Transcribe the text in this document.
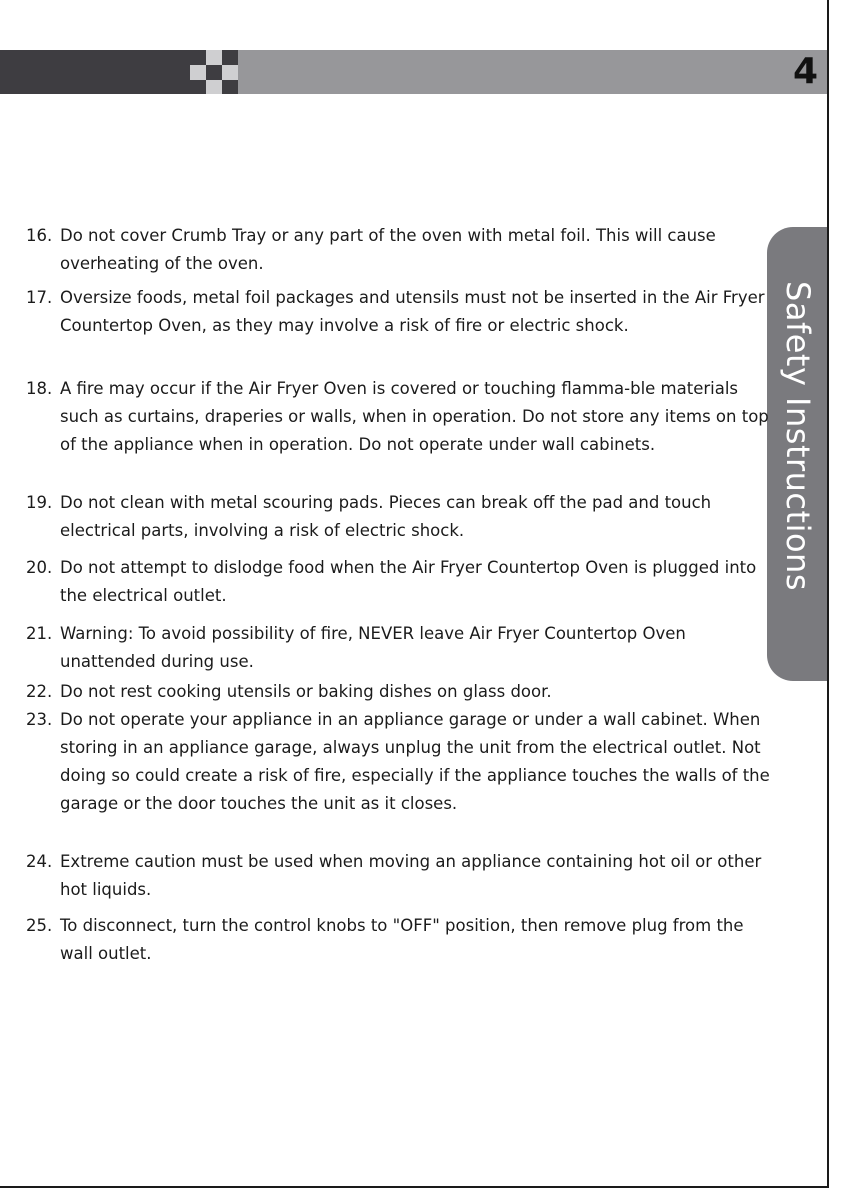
4
Safety Instructions
16. Do not cover Crumb Tray or any part of the oven with metal foil. This will cause overheating of the oven.
17. Oversize foods, metal foil packages and utensils must not be inserted in the Air Fryer Countertop Oven, as they may involve a risk of fire or electric shock.
18. A fire may occur if the Air Fryer Oven is covered or touching flamma-ble materials such as curtains, draperies or walls, when in operation. Do not store any items on top of the appliance when in operation. Do not operate under wall cabinets.
19. Do not clean with metal scouring pads. Pieces can break off the pad and touch electrical parts, involving a risk of electric shock.
20. Do not attempt to dislodge food when the Air Fryer Countertop Oven is plugged into the electrical outlet.
21. Warning: To avoid possibility of fire, NEVER leave Air Fryer Countertop Oven unattended during use.
22. Do not rest cooking utensils or baking dishes on glass door.
23. Do not operate your appliance in an appliance garage or under a wall cabinet. When storing in an appliance garage, always unplug the unit from the electrical outlet. Not doing so could create a risk of fire, especially if the appliance touches the walls of the garage or the door touches the unit as it closes.
24. Extreme caution must be used when moving an appliance containing hot oil or other hot liquids.
25. To disconnect, turn the control knobs to "OFF" position, then remove plug from the wall outlet.
